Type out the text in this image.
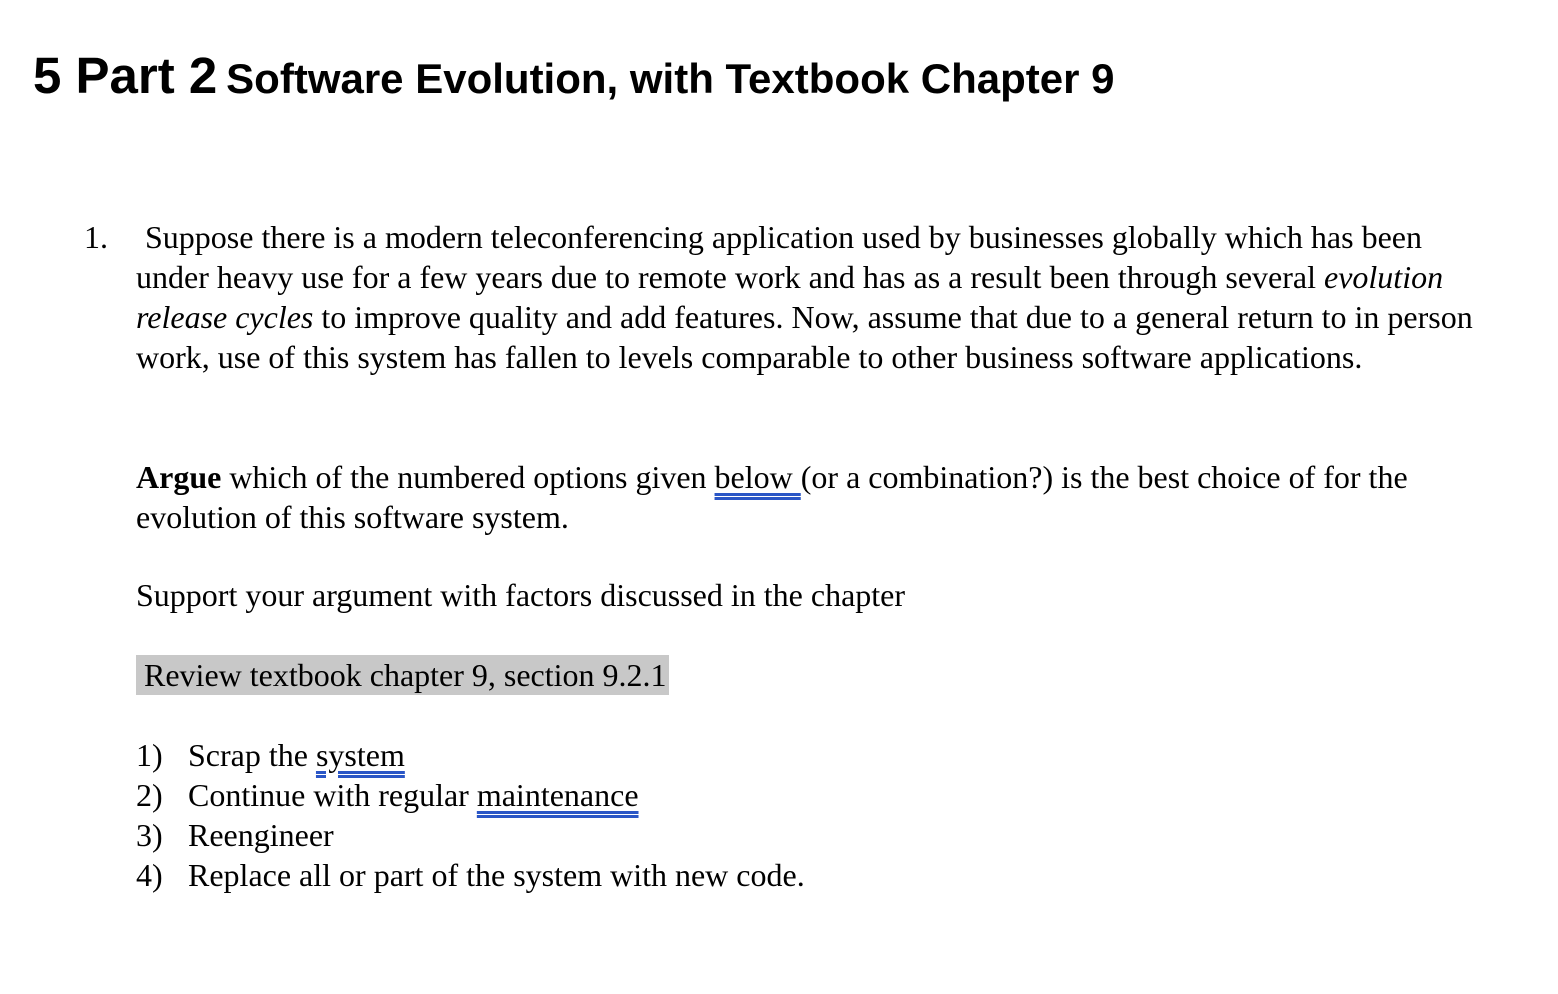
5 Part 2 Software Evolution, with Textbook Chapter 9
1. Suppose there is a modern teleconferencing application used by businesses globally which has been under heavy use for a few years due to remote work and has as a result been through several evolution release cycles to improve quality and add features. Now, assume that due to a general return to in person work, use of this system has fallen to levels comparable to other business software applications.

Argue which of the numbered options given below (or a combination?) is the best choice of for the evolution of this software system.

Support your argument with factors discussed in the chapter

Review textbook chapter 9, section 9.2.1
1) Scrap the system
2) Continue with regular maintenance
3) Reengineer
4) Replace all or part of the system with new code.
